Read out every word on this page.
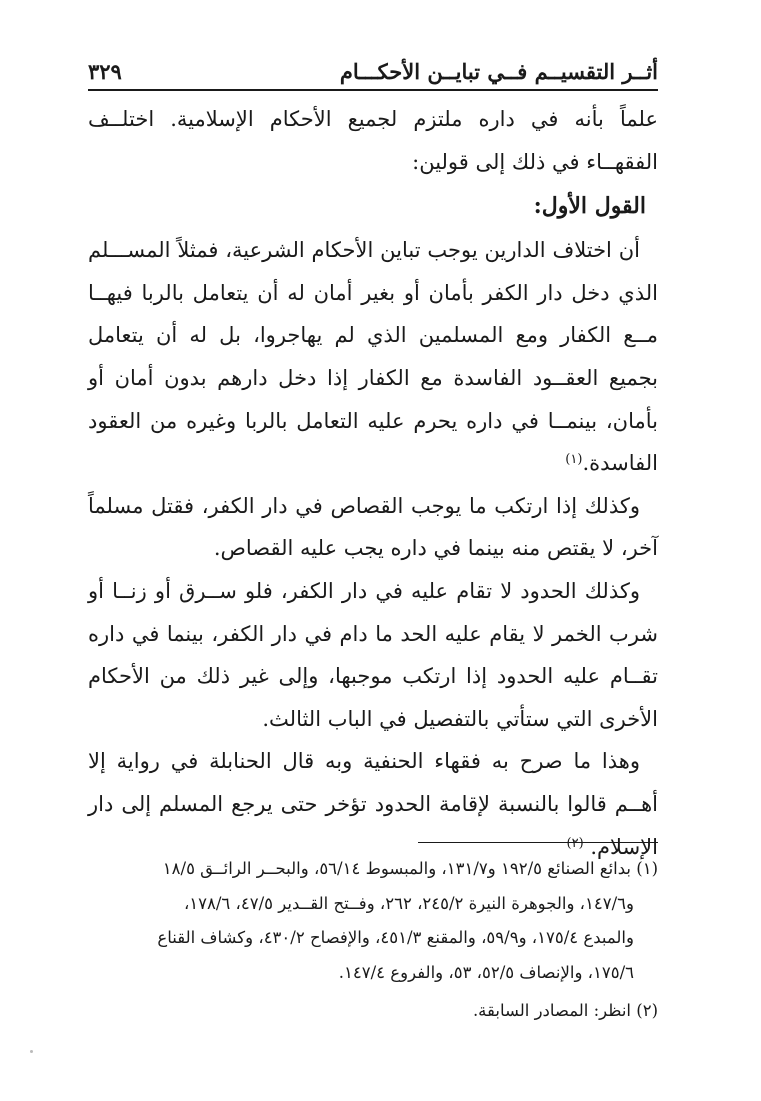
أثــر التقسيــم فــي تبايــن الأحكـــام
٣٢٩

علماً بأنه في داره ملتزم لجميع الأحكام الإسلامية. اختلــف الفقهــاء في ذلك إلى قولين:

القول الأول:

أن اختلاف الدارين يوجب تباين الأحكام الشرعية، فمثلاً المســـلم الذي دخل دار الكفر بأمان أو بغير أمان له أن يتعامل بالربا فيهــا مــع الكفار ومع المسلمين الذي لم يهاجروا، بل له أن يتعامل بجميع العقــود الفاسدة مع الكفار إذا دخل دارهم بدون أمان أو بأمان، بينمــا في داره يحرم عليه التعامل بالربا وغيره من العقود الفاسدة.$^{(١)}$

وكذلك إذا ارتكب ما يوجب القصاص في دار الكفر، فقتل مسلماً آخر، لا يقتص منه بينما في داره يجب عليه القصاص.

وكذلك الحدود لا تقام عليه في دار الكفر، فلو ســرق أو زنــا أو شرب الخمر لا يقام عليه الحد ما دام في دار الكفر، بينما في داره تقــام عليه الحدود إذا ارتكب موجبها، وإلى غير ذلك من الأحكام الأخرى التي ستأتي بالتفصيل في الباب الثالث.

وهذا ما صرح به فقهاء الحنفية وبه قال الحنابلة في رواية إلا أهــم قالوا بالنسبة لإقامة الحدود تؤخر حتى يرجع المسلم إلى دار الإسلام. $^{(٢)}$

(١) بدائع الصنائع ١٩٢/٥ و١٣١/٧، والمبسوط ٥٦/١٤، والبحــر الرائــق ١٨/٥
و١٤٧/٦، والجوهرة النيرة ٢٤٥/٢، ٢٦٢، وفــتح القــدير ٤٧/٥، ١٧٨/٦،
والمبدع ١٧٥/٤، و٥٩/٩، والمقنع ٤٥١/٣، والإفصاح ٤٣٠/٢، وكشاف القناع
١٧٥/٦، والإنصاف ٥٢/٥، ٥٣، والفروع ١٤٧/٤.

(٢) انظر: المصادر السابقة.
